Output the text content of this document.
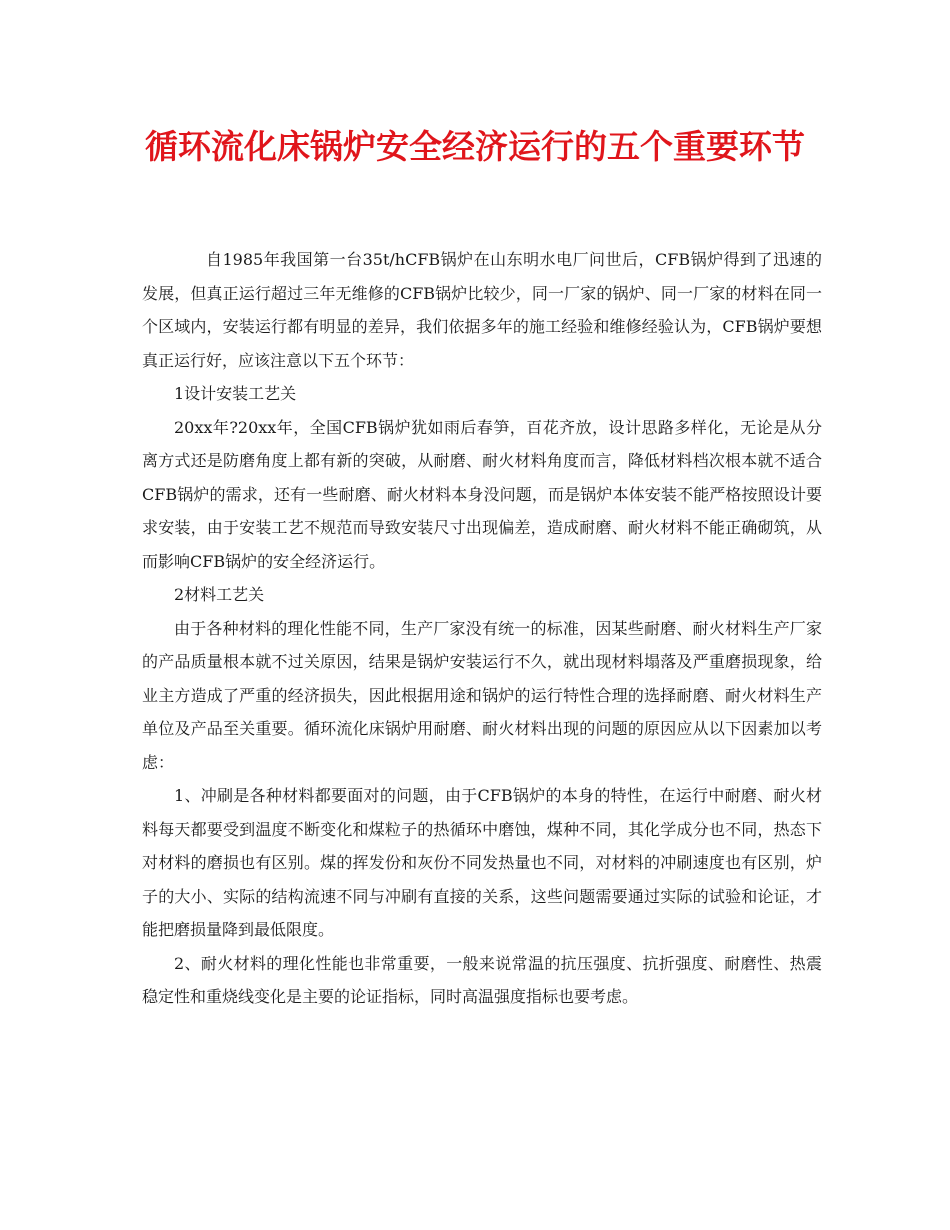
循环流化床锅炉安全经济运行的五个重要环节

自1985年我国第一台35t/hCFB锅炉在山东明水电厂问世后，CFB锅炉得到了迅速的发展，但真正运行超过三年无维修的CFB锅炉比较少，同一厂家的锅炉、同一厂家的材料在同一个区域内，安装运行都有明显的差异，我们依据多年的施工经验和维修经验认为，CFB锅炉要想真正运行好，应该注意以下五个环节：

1设计安装工艺关

20xx年?20xx年，全国CFB锅炉犹如雨后春笋，百花齐放，设计思路多样化，无论是从分离方式还是防磨角度上都有新的突破，从耐磨、耐火材料角度而言，降低材料档次根本就不适合CFB锅炉的需求，还有一些耐磨、耐火材料本身没问题，而是锅炉本体安装不能严格按照设计要求安装，由于安装工艺不规范而导致安装尺寸出现偏差，造成耐磨、耐火材料不能正确砌筑，从而影响CFB锅炉的安全经济运行。

2材料工艺关

由于各种材料的理化性能不同，生产厂家没有统一的标准，因某些耐磨、耐火材料生产厂家的产品质量根本就不过关原因，结果是锅炉安装运行不久，就出现材料塌落及严重磨损现象，给业主方造成了严重的经济损失，因此根据用途和锅炉的运行特性合理的选择耐磨、耐火材料生产单位及产品至关重要。循环流化床锅炉用耐磨、耐火材料出现的问题的原因应从以下因素加以考虑：

1、冲刷是各种材料都要面对的问题，由于CFB锅炉的本身的特性，在运行中耐磨、耐火材料每天都要受到温度不断变化和煤粒子的热循环中磨蚀，煤种不同，其化学成分也不同，热态下对材料的磨损也有区别。煤的挥发份和灰份不同发热量也不同，对材料的冲刷速度也有区别，炉子的大小、实际的结构流速不同与冲刷有直接的关系，这些问题需要通过实际的试验和论证，才能把磨损量降到最低限度。

2、耐火材料的理化性能也非常重要，一般来说常温的抗压强度、抗折强度、耐磨性、热震稳定性和重烧线变化是主要的论证指标，同时高温强度指标也要考虑。
